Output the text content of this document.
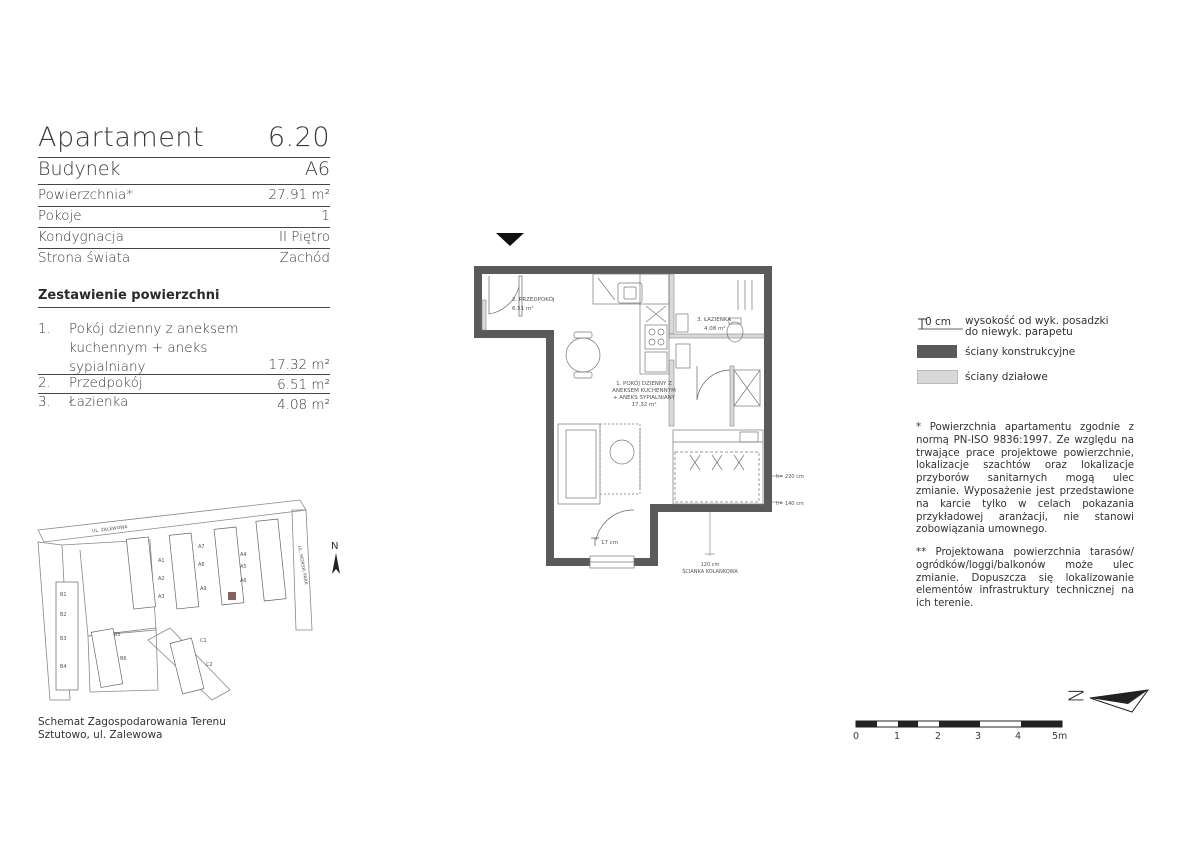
Apartament 6.20
Budynek	A6
Powierzchnia*	27.91 m²
Pokoje	1
Kondygnacja	II Piętro
Strona świata	Zachód
Zestawienie powierzchni
1. Pokój dzienny z aneksem
kuchennym + aneks
sypialniany	17.32 m²
2. Przedpokój	6.51 m²
3. Łazienka	4.08 m²
2. PRZEDPOKÓJ
6.51 m²
3. ŁAZIENKA
4.08 m²
1. POKÓJ DZIENNY Z
ANEKSEM KUCHENNYM
+ ANEKS SYPIALNIANY
17.32 m²
h= 220 cm
h= 140 cm
17 cm
120 cm
ŚCIANKA KOLANKOWA
0 cm wysokość od wyk. posadzki
do niewyk. parapetu
ściany konstrukcyjne
ściany działowe
* Powierzchnia apartamentu zgodnie z normą PN-ISO 9836:1997. Ze względu na trwające prace projektowe powierzchnie, lokalizacje szachtów oraz lokalizacje przyborów sanitarnych mogą ulec zmianie. Wyposażenie jest przedstawione na karcie tylko w celach pokazania przykładowej aranżacji, nie stanowi zobowiązania umownego.
** Projektowana powierzchnia tarasów/ ogródków/loggi/balkonów może ulec zmianie. Dopuszcza się lokalizowanie elementów infrastruktury technicznej na ich terenie.
N
0	1	2	3	4	5m
UL. ZALEWOWA
UL. MORSKI PARK
A1
A2
A3
A4
A5
A6
A7
A8
A9
B1
B2
B3
B4
B5
B6
C1
C2
N
Schemat Zagospodarowania Terenu
Sztutowo, ul. Zalewowa
